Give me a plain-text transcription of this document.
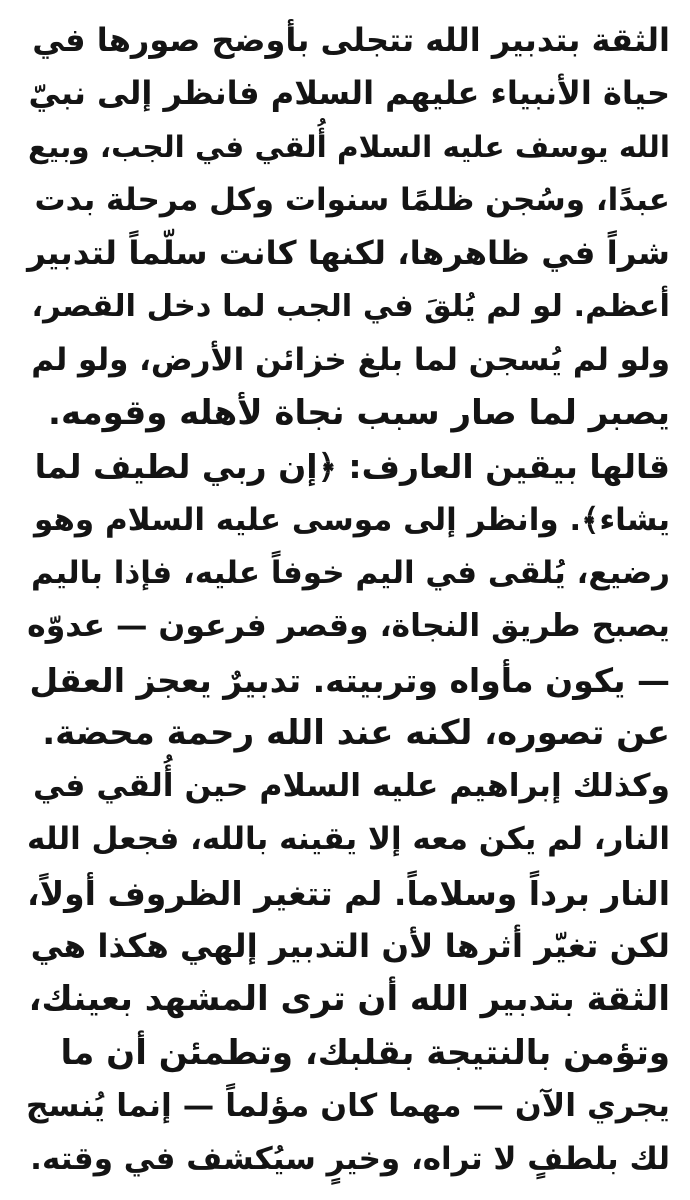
الثقة بتدبير الله تتجلى بأوضح صورها في
حياة الأنبياء عليهم السلام فانظر إلى نبيّ
الله يوسف عليه السلام أُلقي في الجب، وبيع
عبدًا، وسُجن ظلمًا سنوات وكل مرحلة بدت
شراً في ظاهرها، لكنها كانت سلّماً لتدبير
أعظم. لو لم يُلقَ في الجب لما دخل القصر،
ولو لم يُسجن لما بلغ خزائن الأرض، ولو لم
يصبر لما صار سبب نجاة لأهله وقومه.
قالها بيقين العارف: ﴿إن ربي لطيف لما
يشاء﴾. وانظر إلى موسى عليه السلام وهو
رضيع، يُلقى في اليم خوفاً عليه، فإذا باليم
يصبح طريق النجاة، وقصر فرعون — عدوّه
— يكون مأواه وتربيته. تدبيرٌ يعجز العقل
عن تصوره، لكنه عند الله رحمة محضة.
وكذلك إبراهيم عليه السلام حين أُلقي في
النار، لم يكن معه إلا يقينه بالله، فجعل الله
النار برداً وسلاماً. لم تتغير الظروف أولاً،
لكن تغيّر أثرها لأن التدبير إلهي هكذا هي
الثقة بتدبير الله أن ترى المشهد بعينك،
وتؤمن بالنتيجة بقلبك، وتطمئن أن ما
يجري الآن — مهما كان مؤلماً — إنما يُنسج
لك بلطفٍ لا تراه، وخيرٍ سيُكشف في وقته.
